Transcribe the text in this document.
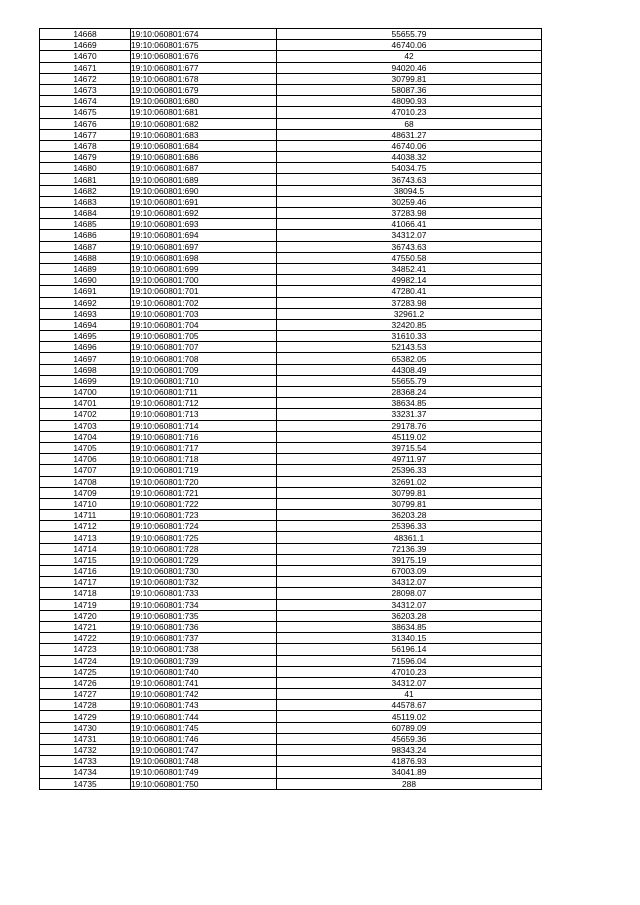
14668	19:10:060801:674	55655.79
14669	19:10:060801:675	46740.06
14670	19:10:060801:676	42
14671	19:10:060801:677	94020.46
14672	19:10:060801:678	30799.81
14673	19:10:060801:679	58087.36
14674	19:10:060801:680	48090.93
14675	19:10:060801:681	47010.23
14676	19:10:060801:682	68
14677	19:10:060801:683	48631.27
14678	19:10:060801:684	46740.06
14679	19:10:060801:686	44038.32
14680	19:10:060801:687	54034.75
14681	19:10:060801:689	36743.63
14682	19:10:060801:690	38094.5
14683	19:10:060801:691	30259.46
14684	19:10:060801:692	37283.98
14685	19:10:060801:693	41066.41
14686	19:10:060801:694	34312.07
14687	19:10:060801:697	36743.63
14688	19:10:060801:698	47550.58
14689	19:10:060801:699	34852.41
14690	19:10:060801:700	49982.14
14691	19:10:060801:701	47280.41
14692	19:10:060801:702	37283.98
14693	19:10:060801:703	32961.2
14694	19:10:060801:704	32420.85
14695	19:10:060801:705	31610.33
14696	19:10:060801:707	52143.53
14697	19:10:060801:708	65382.05
14698	19:10:060801:709	44308.49
14699	19:10:060801:710	55655.79
14700	19:10:060801:711	28368.24
14701	19:10:060801:712	38634.85
14702	19:10:060801:713	33231.37
14703	19:10:060801:714	29178.76
14704	19:10:060801:716	45119.02
14705	19:10:060801:717	39715.54
14706	19:10:060801:718	49711.97
14707	19:10:060801:719	25396.33
14708	19:10:060801:720	32691.02
14709	19:10:060801:721	30799.81
14710	19:10:060801:722	30799.81
14711	19:10:060801:723	36203.28
14712	19:10:060801:724	25396.33
14713	19:10:060801:725	48361.1
14714	19:10:060801:728	72136.39
14715	19:10:060801:729	39175.19
14716	19:10:060801:730	67003.09
14717	19:10:060801:732	34312.07
14718	19:10:060801:733	28098.07
14719	19:10:060801:734	34312.07
14720	19:10:060801:735	36203.28
14721	19:10:060801:736	38634.85
14722	19:10:060801:737	31340.15
14723	19:10:060801:738	56196.14
14724	19:10:060801:739	71596.04
14725	19:10:060801:740	47010.23
14726	19:10:060801:741	34312.07
14727	19:10:060801:742	41
14728	19:10:060801:743	44578.67
14729	19:10:060801:744	45119.02
14730	19:10:060801:745	60789.09
14731	19:10:060801:746	45659.36
14732	19:10:060801:747	98343.24
14733	19:10:060801:748	41876.93
14734	19:10:060801:749	34041.89
14735	19:10:060801:750	288
